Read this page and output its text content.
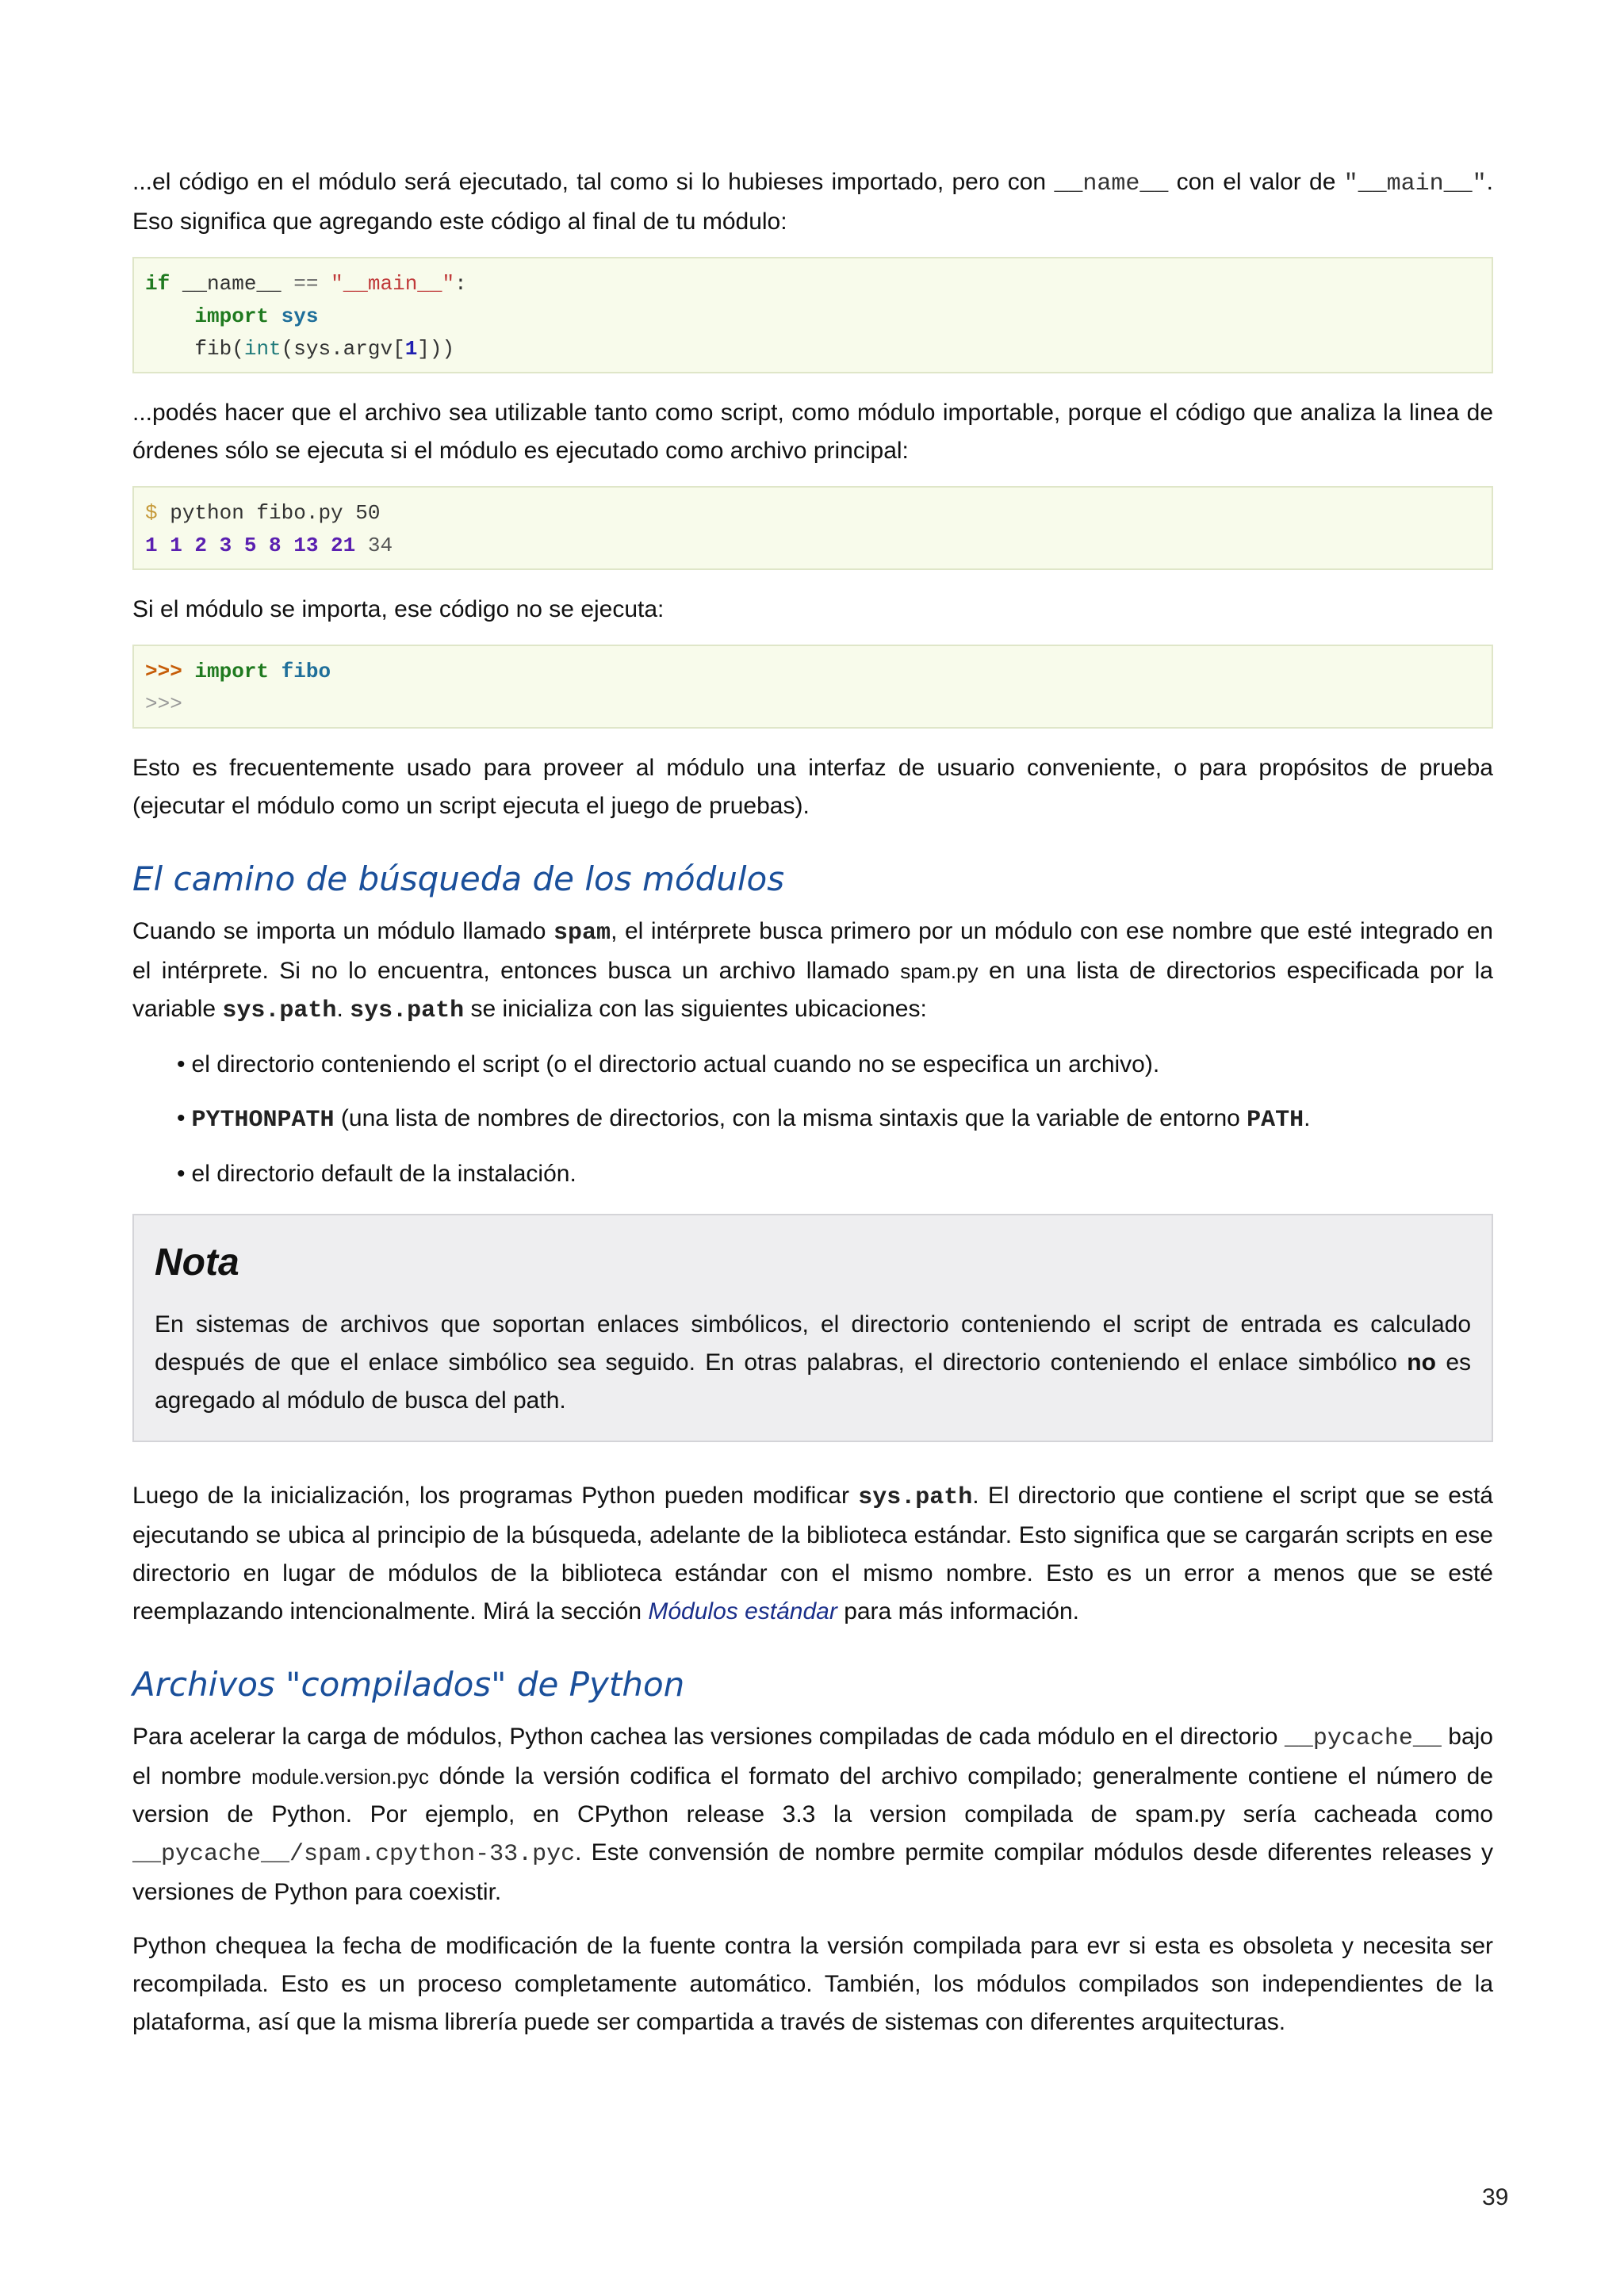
...el código en el módulo será ejecutado, tal como si lo hubieses importado, pero con __name__ con el valor de "__main__". Eso significa que agregando este código al final de tu módulo:

if __name__ == "__main__":
import sys
fib(int(sys.argv[1]))

...podés hacer que el archivo sea utilizable tanto como script, como módulo importable, porque el código que analiza la linea de órdenes sólo se ejecuta si el módulo es ejecutado como archivo principal:

$ python fibo.py 50
1 1 2 3 5 8 13 21 34

Si el módulo se importa, ese código no se ejecuta:

>>> import fibo
>>>

Esto es frecuentemente usado para proveer al módulo una interfaz de usuario conveniente, o para propósitos de prueba (ejecutar el módulo como un script ejecuta el juego de pruebas).

El camino de búsqueda de los módulos

Cuando se importa un módulo llamado spam, el intérprete busca primero por un módulo con ese nombre que esté integrado en el intérprete. Si no lo encuentra, entonces busca un archivo llamado spam.py en una lista de directorios especificada por la variable sys.path. sys.path se inicializa con las siguientes ubicaciones:

• el directorio conteniendo el script (o el directorio actual cuando no se especifica un archivo).
• PYTHONPATH (una lista de nombres de directorios, con la misma sintaxis que la variable de entorno PATH.
• el directorio default de la instalación.
Nota

En sistemas de archivos que soportan enlaces simbólicos, el directorio conteniendo el script de entrada es calculado después de que el enlace simbólico sea seguido. En otras palabras, el directorio conteniendo el enlace simbólico no es agregado al módulo de busca del path.

Luego de la inicialización, los programas Python pueden modificar sys.path. El directorio que contiene el script que se está ejecutando se ubica al principio de la búsqueda, adelante de la biblioteca estándar. Esto significa que se cargarán scripts en ese directorio en lugar de módulos de la biblioteca estándar con el mismo nombre. Esto es un error a menos que se esté reemplazando intencionalmente. Mirá la sección Módulos estándar para más información.

Archivos "compilados" de Python

Para acelerar la carga de módulos, Python cachea las versiones compiladas de cada módulo en el directorio __pycache__ bajo el nombre module.version.pyc dónde la versión codifica el formato del archivo compilado; generalmente contiene el número de version de Python. Por ejemplo, en CPython release 3.3 la version compilada de spam.py sería cacheada como __pycache__/spam.cpython-33.pyc. Este convensión de nombre permite compilar módulos desde diferentes releases y versiones de Python para coexistir.

Python chequea la fecha de modificación de la fuente contra la versión compilada para evr si esta es obsoleta y necesita ser recompilada. Esto es un proceso completamente automático. También, los módulos compilados son independientes de la plataforma, así que la misma librería puede ser compartida a través de sistemas con diferentes arquitecturas.

39
